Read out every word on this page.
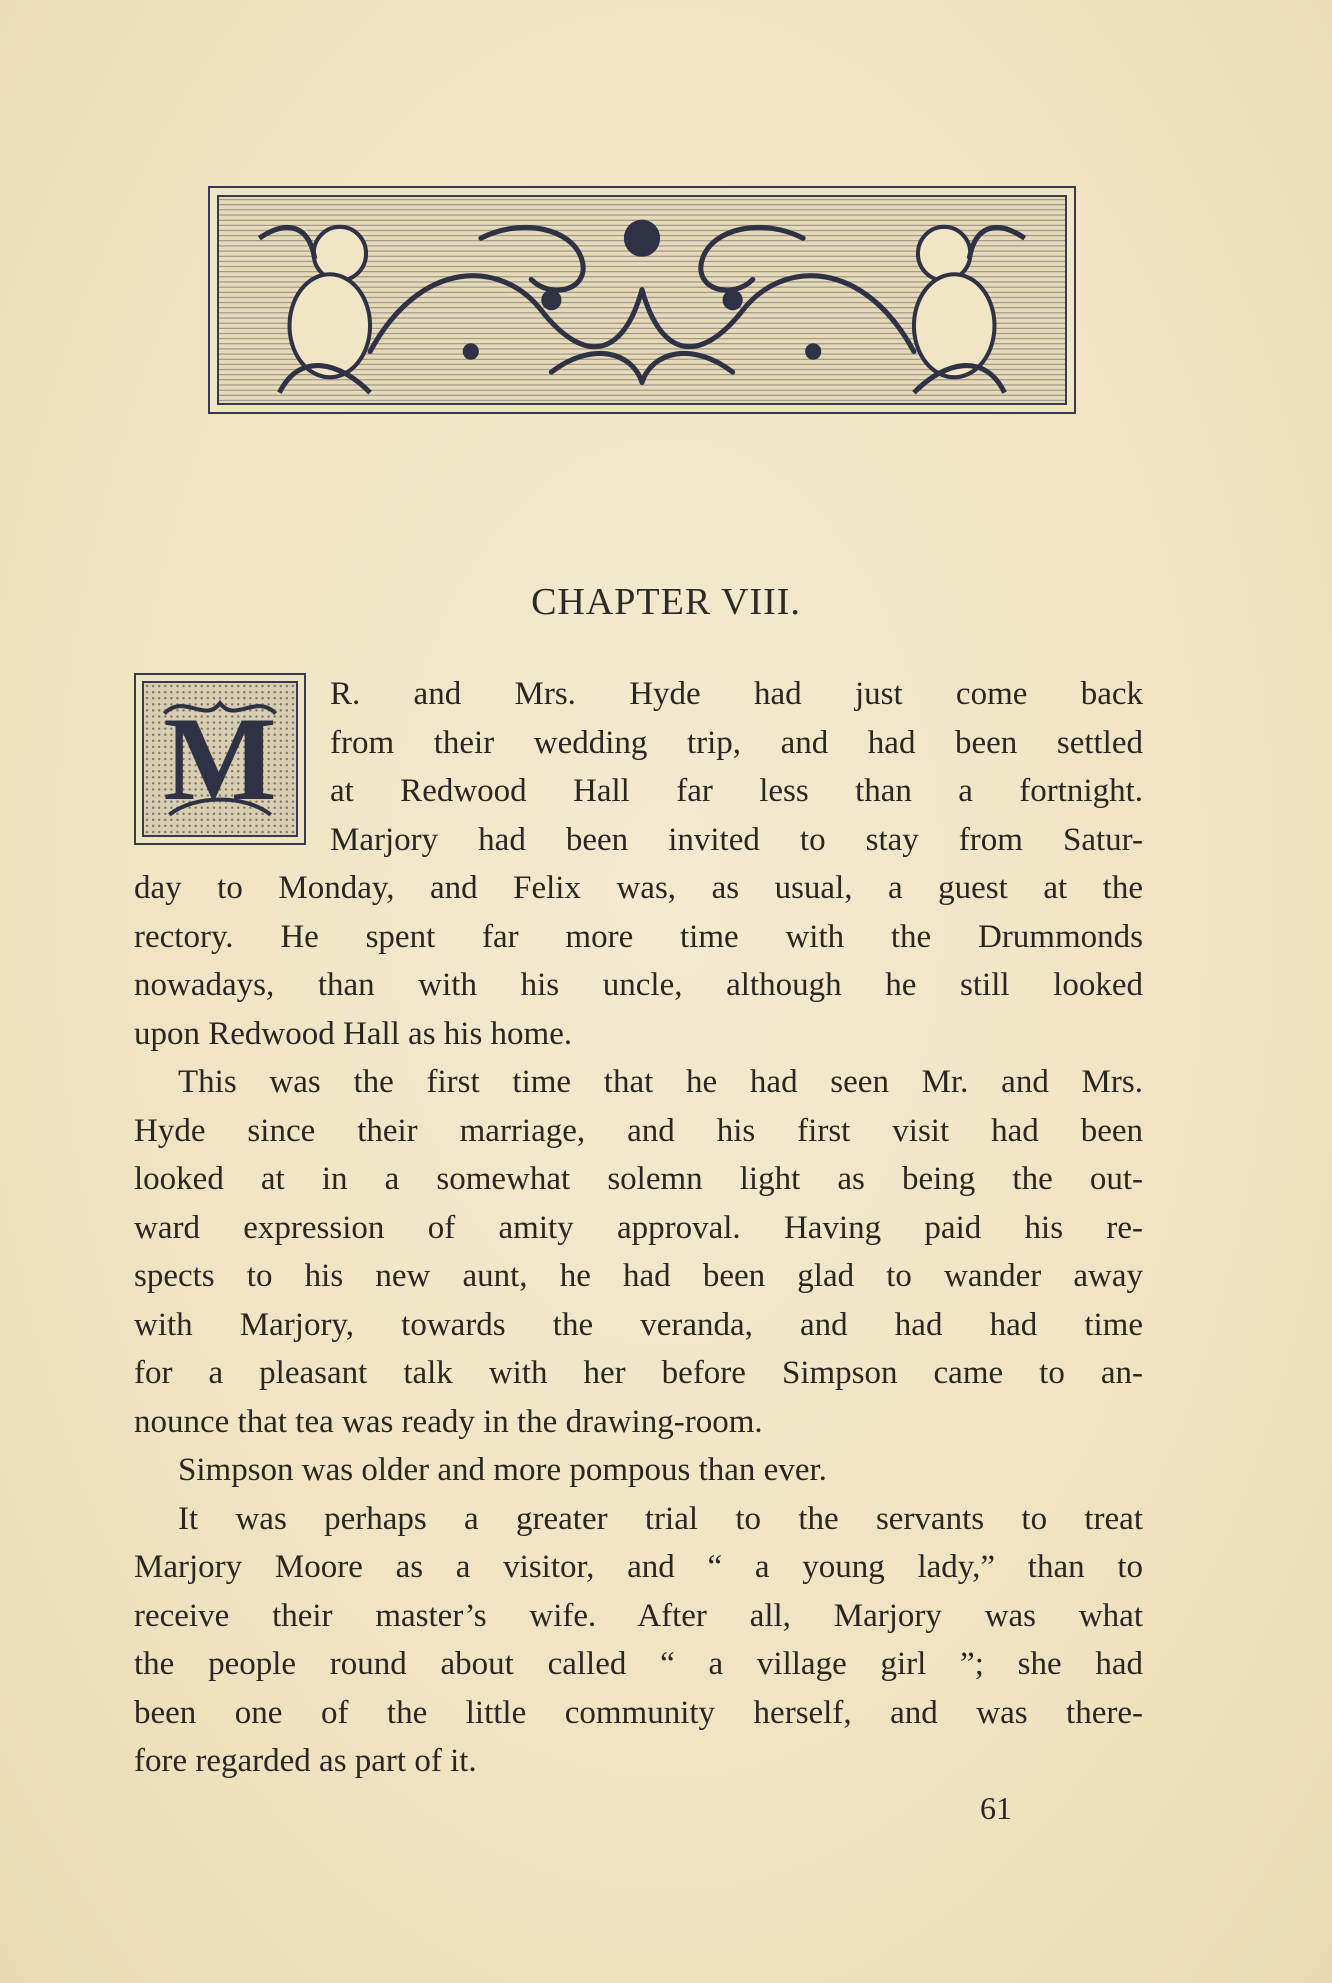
CHAPTER VIII.
M	R. and Mrs. Hyde had just come back
from their wedding trip, and had been settled
at Redwood Hall far less than a fortnight.
Marjory had been invited to stay from Satur-
day to Monday, and Felix was, as usual, a guest at the
rectory. He spent far more time with the Drummonds
nowadays, than with his uncle, although he still looked
upon Redwood Hall as his home.
This was the first time that he had seen Mr. and Mrs.
Hyde since their marriage, and his first visit had been
looked at in a somewhat solemn light as being the out-
ward expression of amity approval. Having paid his re-
spects to his new aunt, he had been glad to wander away
with Marjory, towards the veranda, and had had time
for a pleasant talk with her before Simpson came to an-
nounce that tea was ready in the drawing-room.
Simpson was older and more pompous than ever.
It was perhaps a greater trial to the servants to treat
Marjory Moore as a visitor, and “ a young lady,” than to
receive their master’s wife. After all, Marjory was what
the people round about called “ a village girl ”; she had
been one of the little community herself, and was there-
fore regarded as part of it.
61
